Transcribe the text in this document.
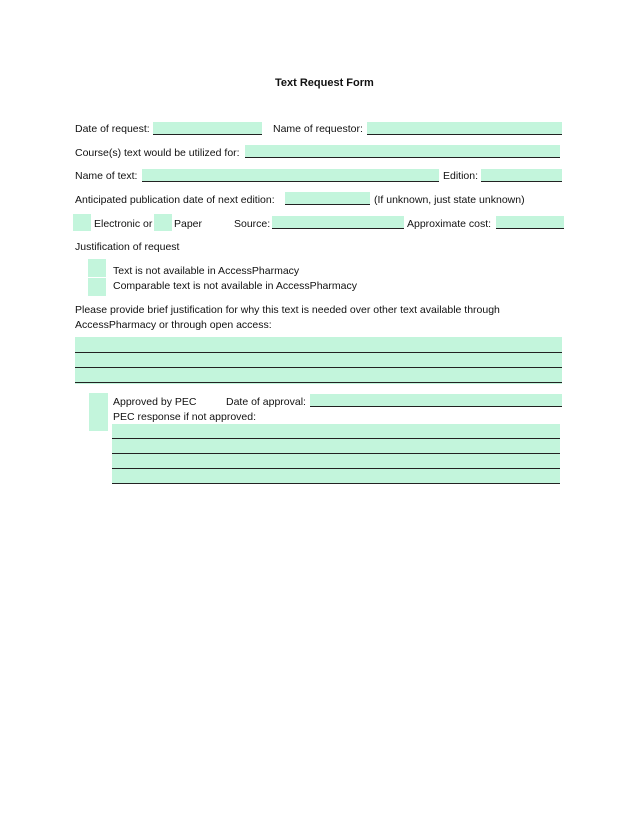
Text Request Form
Date of request:	Name of requestor:
Course(s) text would be utilized for:
Name of text:	Edition:
Anticipated publication date of next edition:	(If unknown, just state unknown)
Electronic or Paper	Source:	Approximate cost:
Justification of request
Text is not available in AccessPharmacy
Comparable text is not available in AccessPharmacy
Please provide brief justification for why this text is needed over other text available through
AccessPharmacy or through open access:
Approved by PEC	Date of approval:
PEC response if not approved:
